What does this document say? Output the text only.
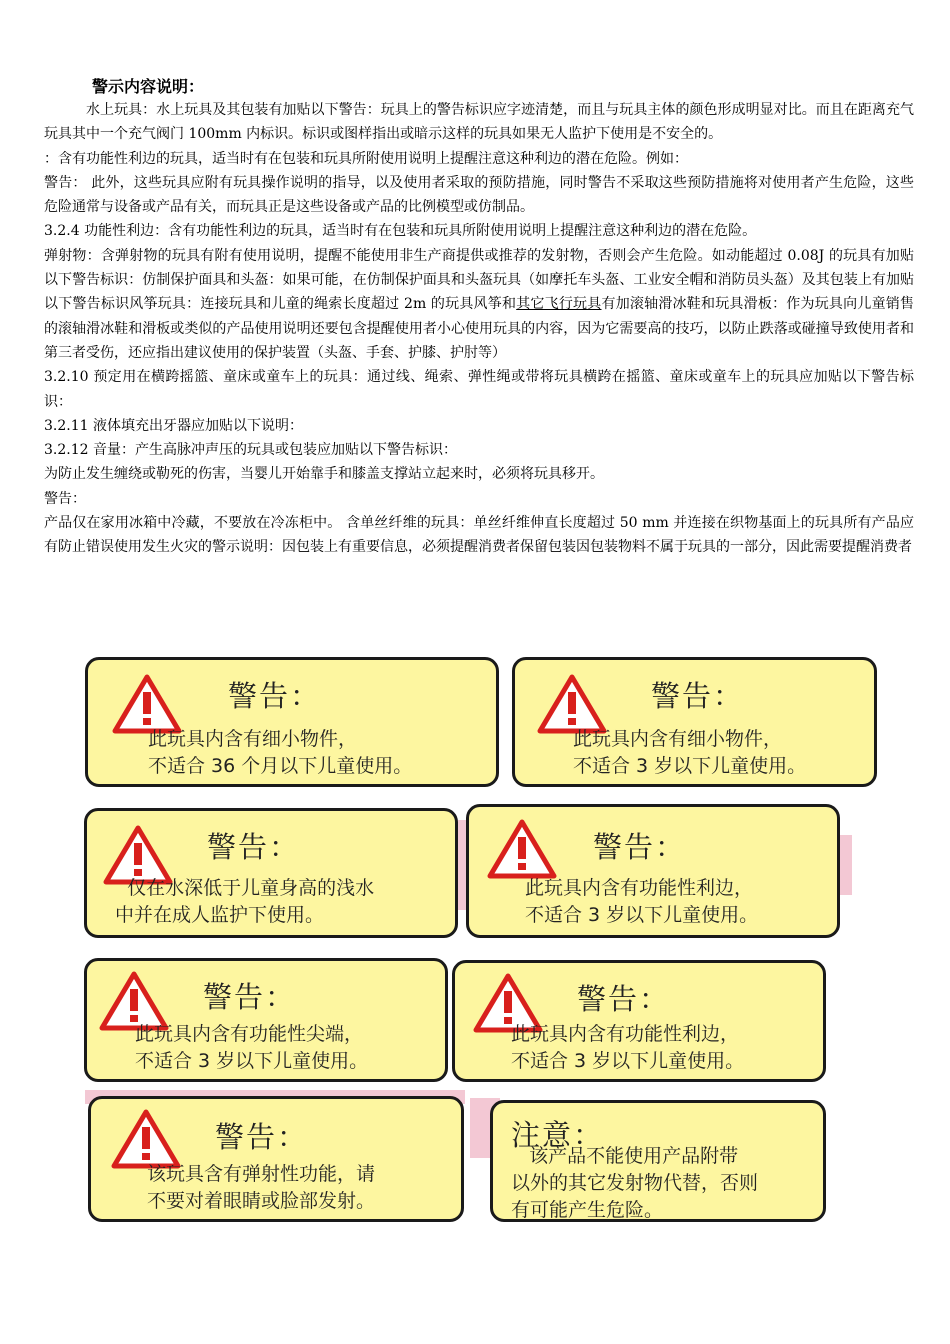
警示内容说明：

水上玩具：水上玩具及其包装有加贴以下警告：玩具上的警告标识应字迹清楚，而且与玩具主体的颜色形成明显对比。而且在距离充气玩具其中一个充气阀门 100mm 内标识。标识或图样指出或暗示这样的玩具如果无人监护下使用是不安全的。

：含有功能性利边的玩具，适当时有在包装和玩具所附使用说明上提醒注意这种利边的潜在危险。例如：

警告： 此外，这些玩具应附有玩具操作说明的指导，以及使用者采取的预防措施，同时警告不采取这些预防措施将对使用者产生危险，这些危险通常与设备或产品有关，而玩具正是这些设备或产品的比例模型或仿制品。

3.2.4 功能性利边：含有功能性利边的玩具，适当时有在包装和玩具所附使用说明上提醒注意这种利边的潜在危险。

弹射物：含弹射物的玩具有附有使用说明，提醒不能使用非生产商提供或推荐的发射物，否则会产生危险。如动能超过 0.08J 的玩具有加贴以下警告标识：仿制保护面具和头盔：如果可能，在仿制保护面具和头盔玩具（如摩托车头盔、工业安全帽和消防员头盔）及其包装上有加贴以下警告标识风筝玩具：连接玩具和儿童的绳索长度超过 2m 的玩具风筝和其它飞行玩具有加滚轴滑冰鞋和玩具滑板：作为玩具向儿童销售的滚轴滑冰鞋和滑板或类似的产品使用说明还要包含提醒使用者小心使用玩具的内容，因为它需要高的技巧，以防止跌落或碰撞导致使用者和第三者受伤，还应指出建议使用的保护装置（头盔、手套、护膝、护肘等）

3.2.10 预定用在横跨摇篮、童床或童车上的玩具：通过线、绳索、弹性绳或带将玩具横跨在摇篮、童床或童车上的玩具应加贴以下警告标识：

3.2.11 液体填充出牙器应加贴以下说明：

3.2.12 音量：产生高脉冲声压的玩具或包装应加贴以下警告标识：

为防止发生缠绕或勒死的伤害，当婴儿开始靠手和膝盖支撑站立起来时，必须将玩具移开。

警告：

产品仅在家用冰箱中冷藏，不要放在冷冻柜中。 含单丝纤维的玩具：单丝纤维伸直长度超过 50 mm 并连接在织物基面上的玩具所有产品应有防止错误使用发生火灾的警示说明：因包装上有重要信息，必须提醒消费者保留包装因包装物料不属于玩具的一部分，因此需要提醒消费者

警告：
此玩具内含有细小物件，
不适合 36 个月以下儿童使用。
警告：
此玩具内含有细小物件，
不适合 3 岁以下儿童使用。
警告：
仅在水深低于儿童身高的浅水
中并在成人监护下使用。
警告：
此玩具内含有功能性利边，
不适合 3 岁以下儿童使用。
警告：
此玩具内含有功能性尖端，
不适合 3 岁以下儿童使用。
警告：
此玩具内含有功能性利边，
不适合 3 岁以下儿童使用。
警告：
该玩具含有弹射性功能，请
不要对着眼睛或脸部发射。
注意：
该产品不能使用产品附带
以外的其它发射物代替，否则
有可能产生危险。
